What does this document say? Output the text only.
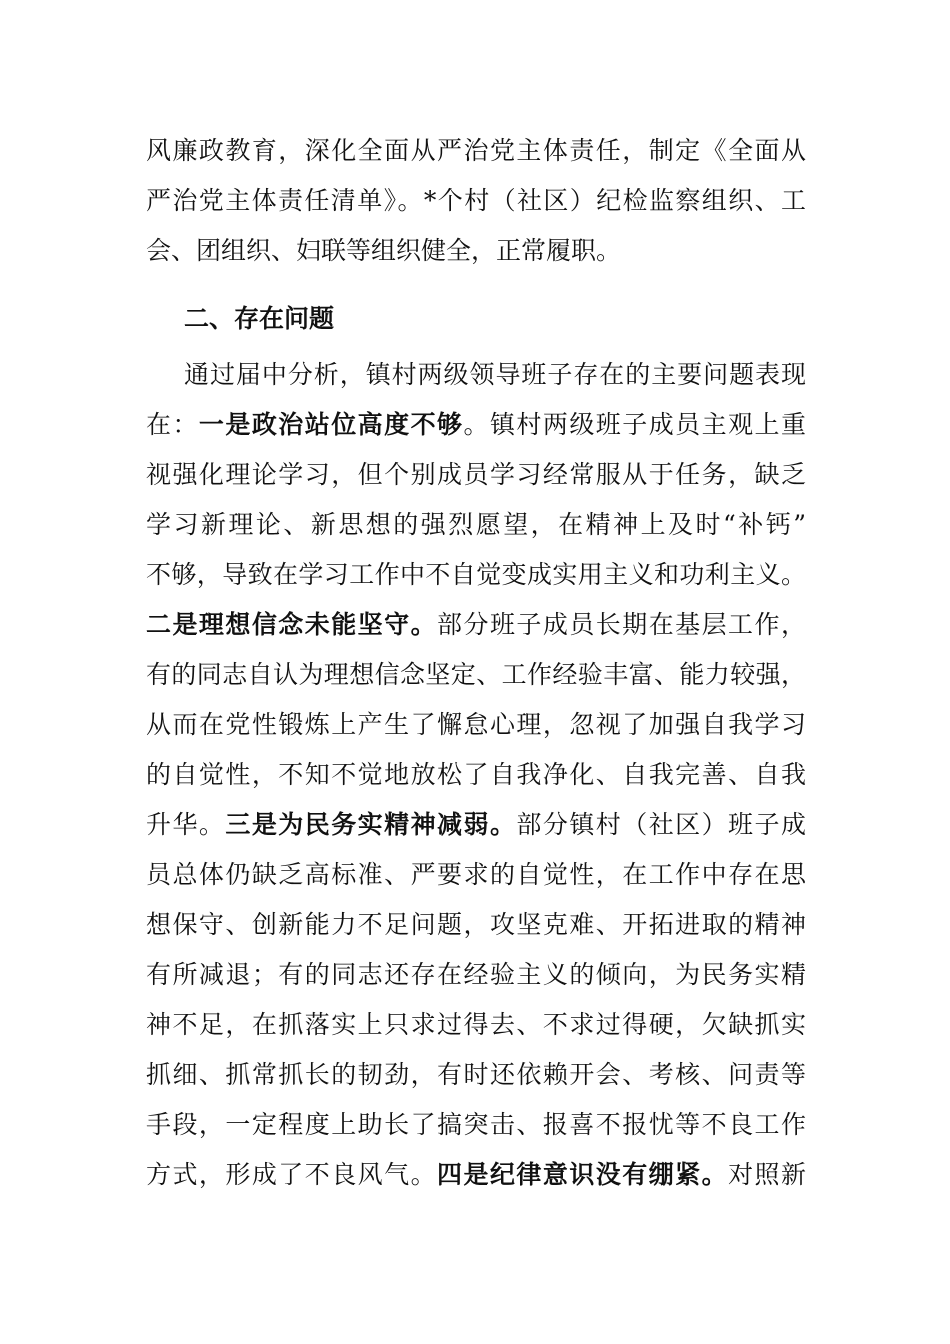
风廉政教育，深化全面从严治党主体责任，制定《全面从
严治党主体责任清单》。*个村（社区）纪检监察组织、工
会、团组织、妇联等组织健全，正常履职。
二、存在问题
通过届中分析，镇村两级领导班子存在的主要问题表现
在：一是政治站位高度不够。镇村两级班子成员主观上重
视强化理论学习，但个别成员学习经常服从于任务，缺乏
学习新理论、新思想的强烈愿望，在精神上及时“补钙”
不够，导致在学习工作中不自觉变成实用主义和功利主义。
二是理想信念未能坚守。部分班子成员长期在基层工作，
有的同志自认为理想信念坚定、工作经验丰富、能力较强，
从而在党性锻炼上产生了懈怠心理，忽视了加强自我学习
的自觉性，不知不觉地放松了自我净化、自我完善、自我
升华。三是为民务实精神减弱。部分镇村（社区）班子成
员总体仍缺乏高标准、严要求的自觉性，在工作中存在思
想保守、创新能力不足问题，攻坚克难、开拓进取的精神
有所减退；有的同志还存在经验主义的倾向，为民务实精
神不足，在抓落实上只求过得去、不求过得硬，欠缺抓实
抓细、抓常抓长的韧劲，有时还依赖开会、考核、问责等
手段，一定程度上助长了搞突击、报喜不报忧等不良工作
方式，形成了不良风气。四是纪律意识没有绷紧。对照新
